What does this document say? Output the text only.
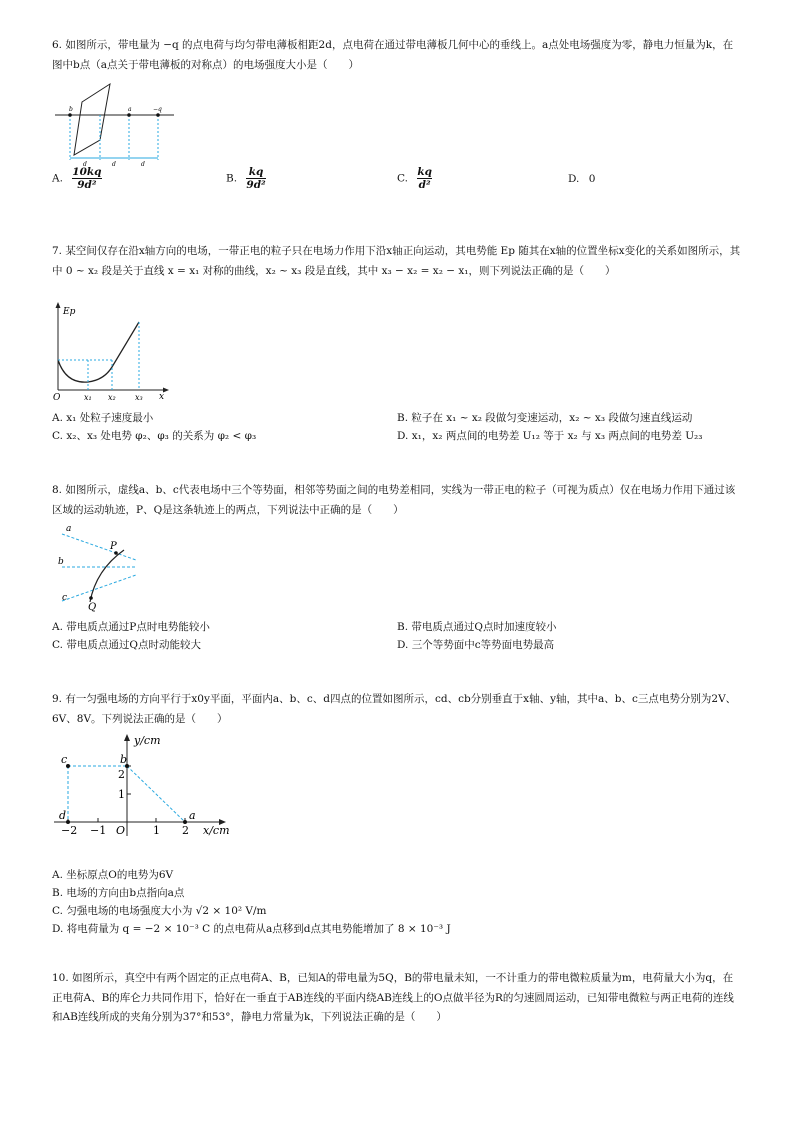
6. 如图所示，带电量为 −q 的点电荷与均匀带电薄板相距2d，点电荷在通过带电薄板几何中心的垂线上。a点处电场强度为零，静电力恒量为k，在图中b点（a点关于带电薄板的对称点）的电场强度大小是（　　）

b	a	−q
d	d	d
A. $\frac{10kq}{\text{9d²}}$	B. $\frac{kq}{\text{9d²}}$	C. $\frac{kq}{\text{d²}}$	D. 0

7. 某空间仅存在沿x轴方向的电场，一带正电的粒子只在电场力作用下沿x轴正向运动，其电势能 Ep 随其在x轴的位置坐标x变化的关系如图所示，其中 0 ~ x₂ 段是关于直线 x = x₁ 对称的曲线，x₂ ~ x₃ 段是直线，其中 x₃ − x₂ = x₂ − x₁，则下列说法正确的是（　　）

Ep
O	x₁ x₂ x₃ x
A. x₁ 处粒子速度最小	B. 粒子在 x₁ ~ x₂ 段做匀变速运动，x₂ ~ x₃ 段做匀速直线运动
C. x₂、x₃ 处电势 φ₂、φ₃ 的关系为 φ₂ < φ₃	D. x₁，x₂ 两点间的电势差 U₁₂ 等于 x₂ 与 x₃ 两点间的电势差 U₂₃

8. 如图所示，虚线a、b、c代表电场中三个等势面，相邻等势面之间的电势差相同，实线为一带正电的粒子（可视为质点）仅在电场力作用下通过该区域的运动轨迹，P、Q是这条轨迹上的两点，下列说法中正确的是（　　）

a
b
c
P
Q
A. 带电质点通过P点时电势能较小	B. 带电质点通过Q点时加速度较小
C. 带电质点通过Q点时动能较大	D. 三个等势面中c等势面电势最高

9. 有一匀强电场的方向平行于x0y平面，平面内a、b、c、d四点的位置如图所示，cd、cb分别垂直于x轴、y轴，其中a、b、c三点电势分别为2V、6V、8V。下列说法正确的是（　　）

y/cm
x/cm
c	b
d	a
O
−2 −1	1 2
1
2
A. 坐标原点O的电势为6V
B. 电场的方向由b点指向a点
C. 匀强电场的电场强度大小为 √2 × 10² V/m
D. 将电荷量为 q = −2 × 10⁻³ C 的点电荷从a点移到d点其电势能增加了 8 × 10⁻³ J

10. 如图所示，真空中有两个固定的正点电荷A、B，已知A的带电量为5Q，B的带电量未知，一不计重力的带电微粒质量为m，电荷量大小为q，在正电荷A、B的库仑力共同作用下，恰好在一垂直于AB连线的平面内绕AB连线上的O点做半径为R的匀速圆周运动，已知带电微粒与两正电荷的连线和AB连线所成的夹角分别为37°和53°，静电力常量为k，下列说法正确的是（　　）
